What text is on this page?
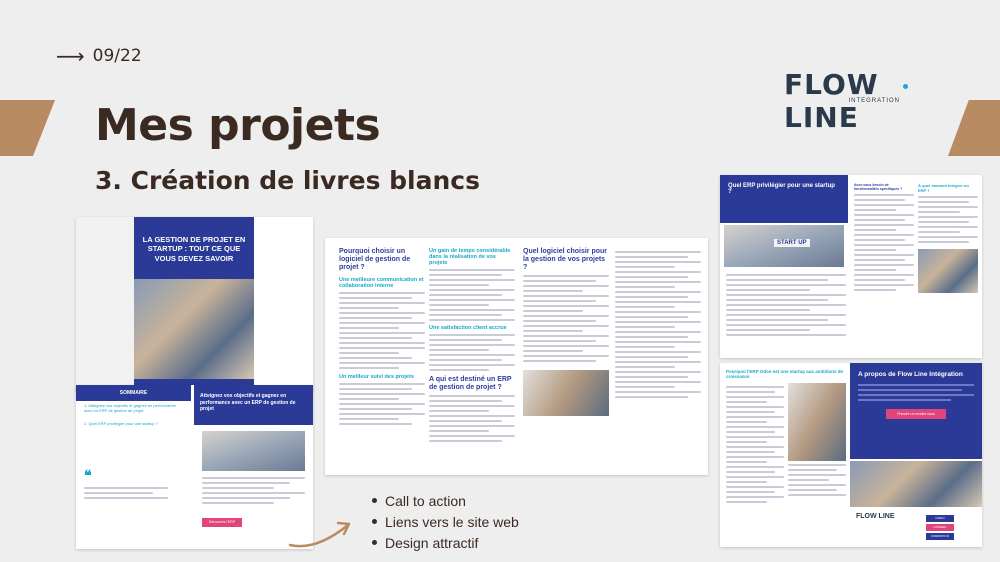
⟶ 09/22
Mes projets
3. Création de livres blancs
FLOW LINE
INTEGRATION
LA GESTION DE PROJET EN STARTUP : TOUT CE QUE VOUS DEVEZ SAVOIR
SOMMAIRE
1. Atteignez vos objectifs et gagnez en performance avec un ERP de gestion de projet
2. Quel ERP privilégier pour une startup ?
❝
Atteignez vos objectifs et gagnez en performance avec un ERP de gestion de projet
Découvrez l'ERP
Pourquoi choisir un logiciel de gestion de projet ?
Une meilleure communication et collaboration interne
Un meilleur suivi des projets
Un gain de temps considérable dans la réalisation de vos projets
Une satisfaction client accrue
A qui est destiné un ERP de gestion de projet ?
Quel logiciel choisir pour la gestion de vos projets ?
Quel ERP privilégier pour une startup ?
START UP
Avez-vous besoin de fonctionnalités spécifiques ?
À quel moment intégrer un ERP ?
Pourquoi l'ERP Odoo est une startup aux ambitions de croissance	A propos de Flow Line Intégration
Prendre un rendez-vous
FLOW LINE	ODOO
CONSEIL
FORMATION
Call to action
Liens vers le site web
Design attractif
